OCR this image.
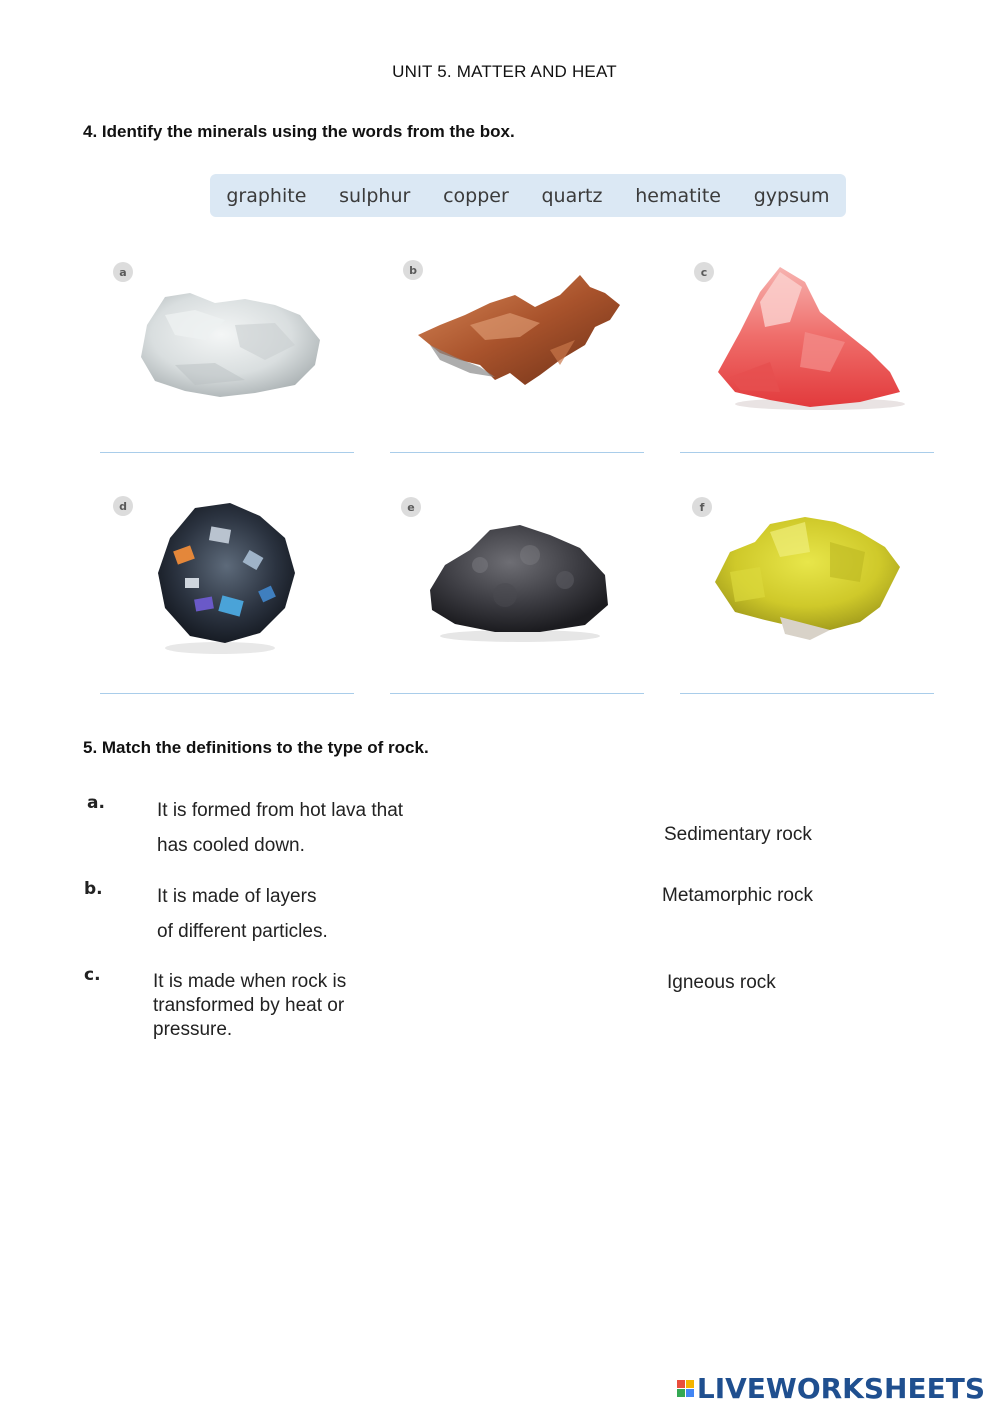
UNIT 5. MATTER AND HEAT
4. Identify the minerals using the words from the box.
graphite sulphur copper quartz hematite gypsum
a	b	c
d	e	f
5. Match the definitions to the type of rock.
a.	It is formed from hot lava that
has cooled down.
b.	It is made of layers
of different particles.
c.	It is made when rock is
transformed by heat or
pressure.
Sedimentary rock
Metamorphic rock
Igneous rock
LIVEWORKSHEETS
